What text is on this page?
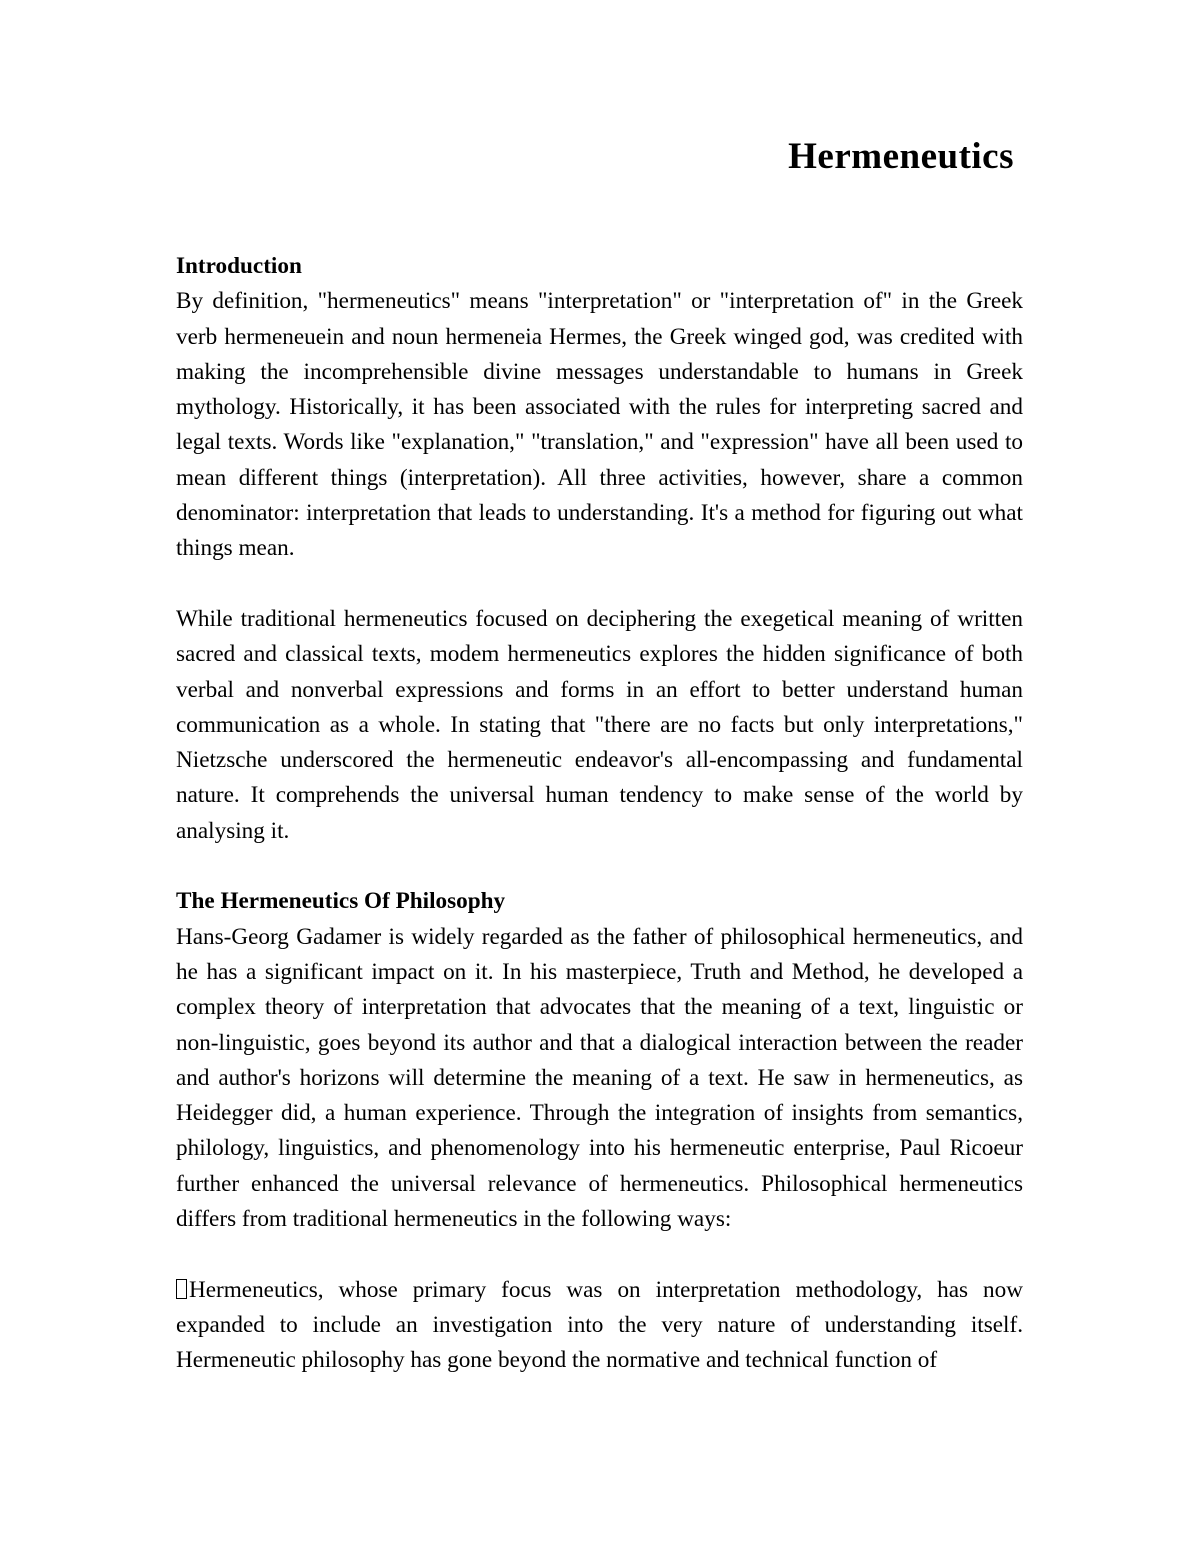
Hermeneutics
Introduction

By definition, "hermeneutics" means "interpretation" or "interpretation of" in the Greek verb hermeneuein and noun hermeneia Hermes, the Greek winged god, was credited with making the incomprehensible divine messages understandable to humans in Greek mythology. Historically, it has been associated with the rules for interpreting sacred and legal texts. Words like "explanation," "translation," and "expression" have all been used to mean different things (interpretation). All three activities, however, share a common denominator: interpretation that leads to understanding. It's a method for figuring out what things mean.

While traditional hermeneutics focused on deciphering the exegetical meaning of written sacred and classical texts, modem hermeneutics explores the hidden significance of both verbal and nonverbal expressions and forms in an effort to better understand human communication as a whole. In stating that "there are no facts but only interpretations," Nietzsche underscored the hermeneutic endeavor's all-encompassing and fundamental nature. It comprehends the universal human tendency to make sense of the world by analysing it.

The Hermeneutics Of Philosophy

Hans-Georg Gadamer is widely regarded as the father of philosophical hermeneutics, and he has a significant impact on it. In his masterpiece, Truth and Method, he developed a complex theory of interpretation that advocates that the meaning of a text, linguistic or non-linguistic, goes beyond its author and that a dialogical interaction between the reader and author's horizons will determine the meaning of a text. He saw in hermeneutics, as Heidegger did, a human experience. Through the integration of insights from semantics, philology, linguistics, and phenomenology into his hermeneutic enterprise, Paul Ricoeur further enhanced the universal relevance of hermeneutics. Philosophical hermeneutics differs from traditional hermeneutics in the following ways:

Hermeneutics, whose primary focus was on interpretation methodology, has now expanded to include an investigation into the very nature of understanding itself. Hermeneutic philosophy has gone beyond the normative and technical function of
